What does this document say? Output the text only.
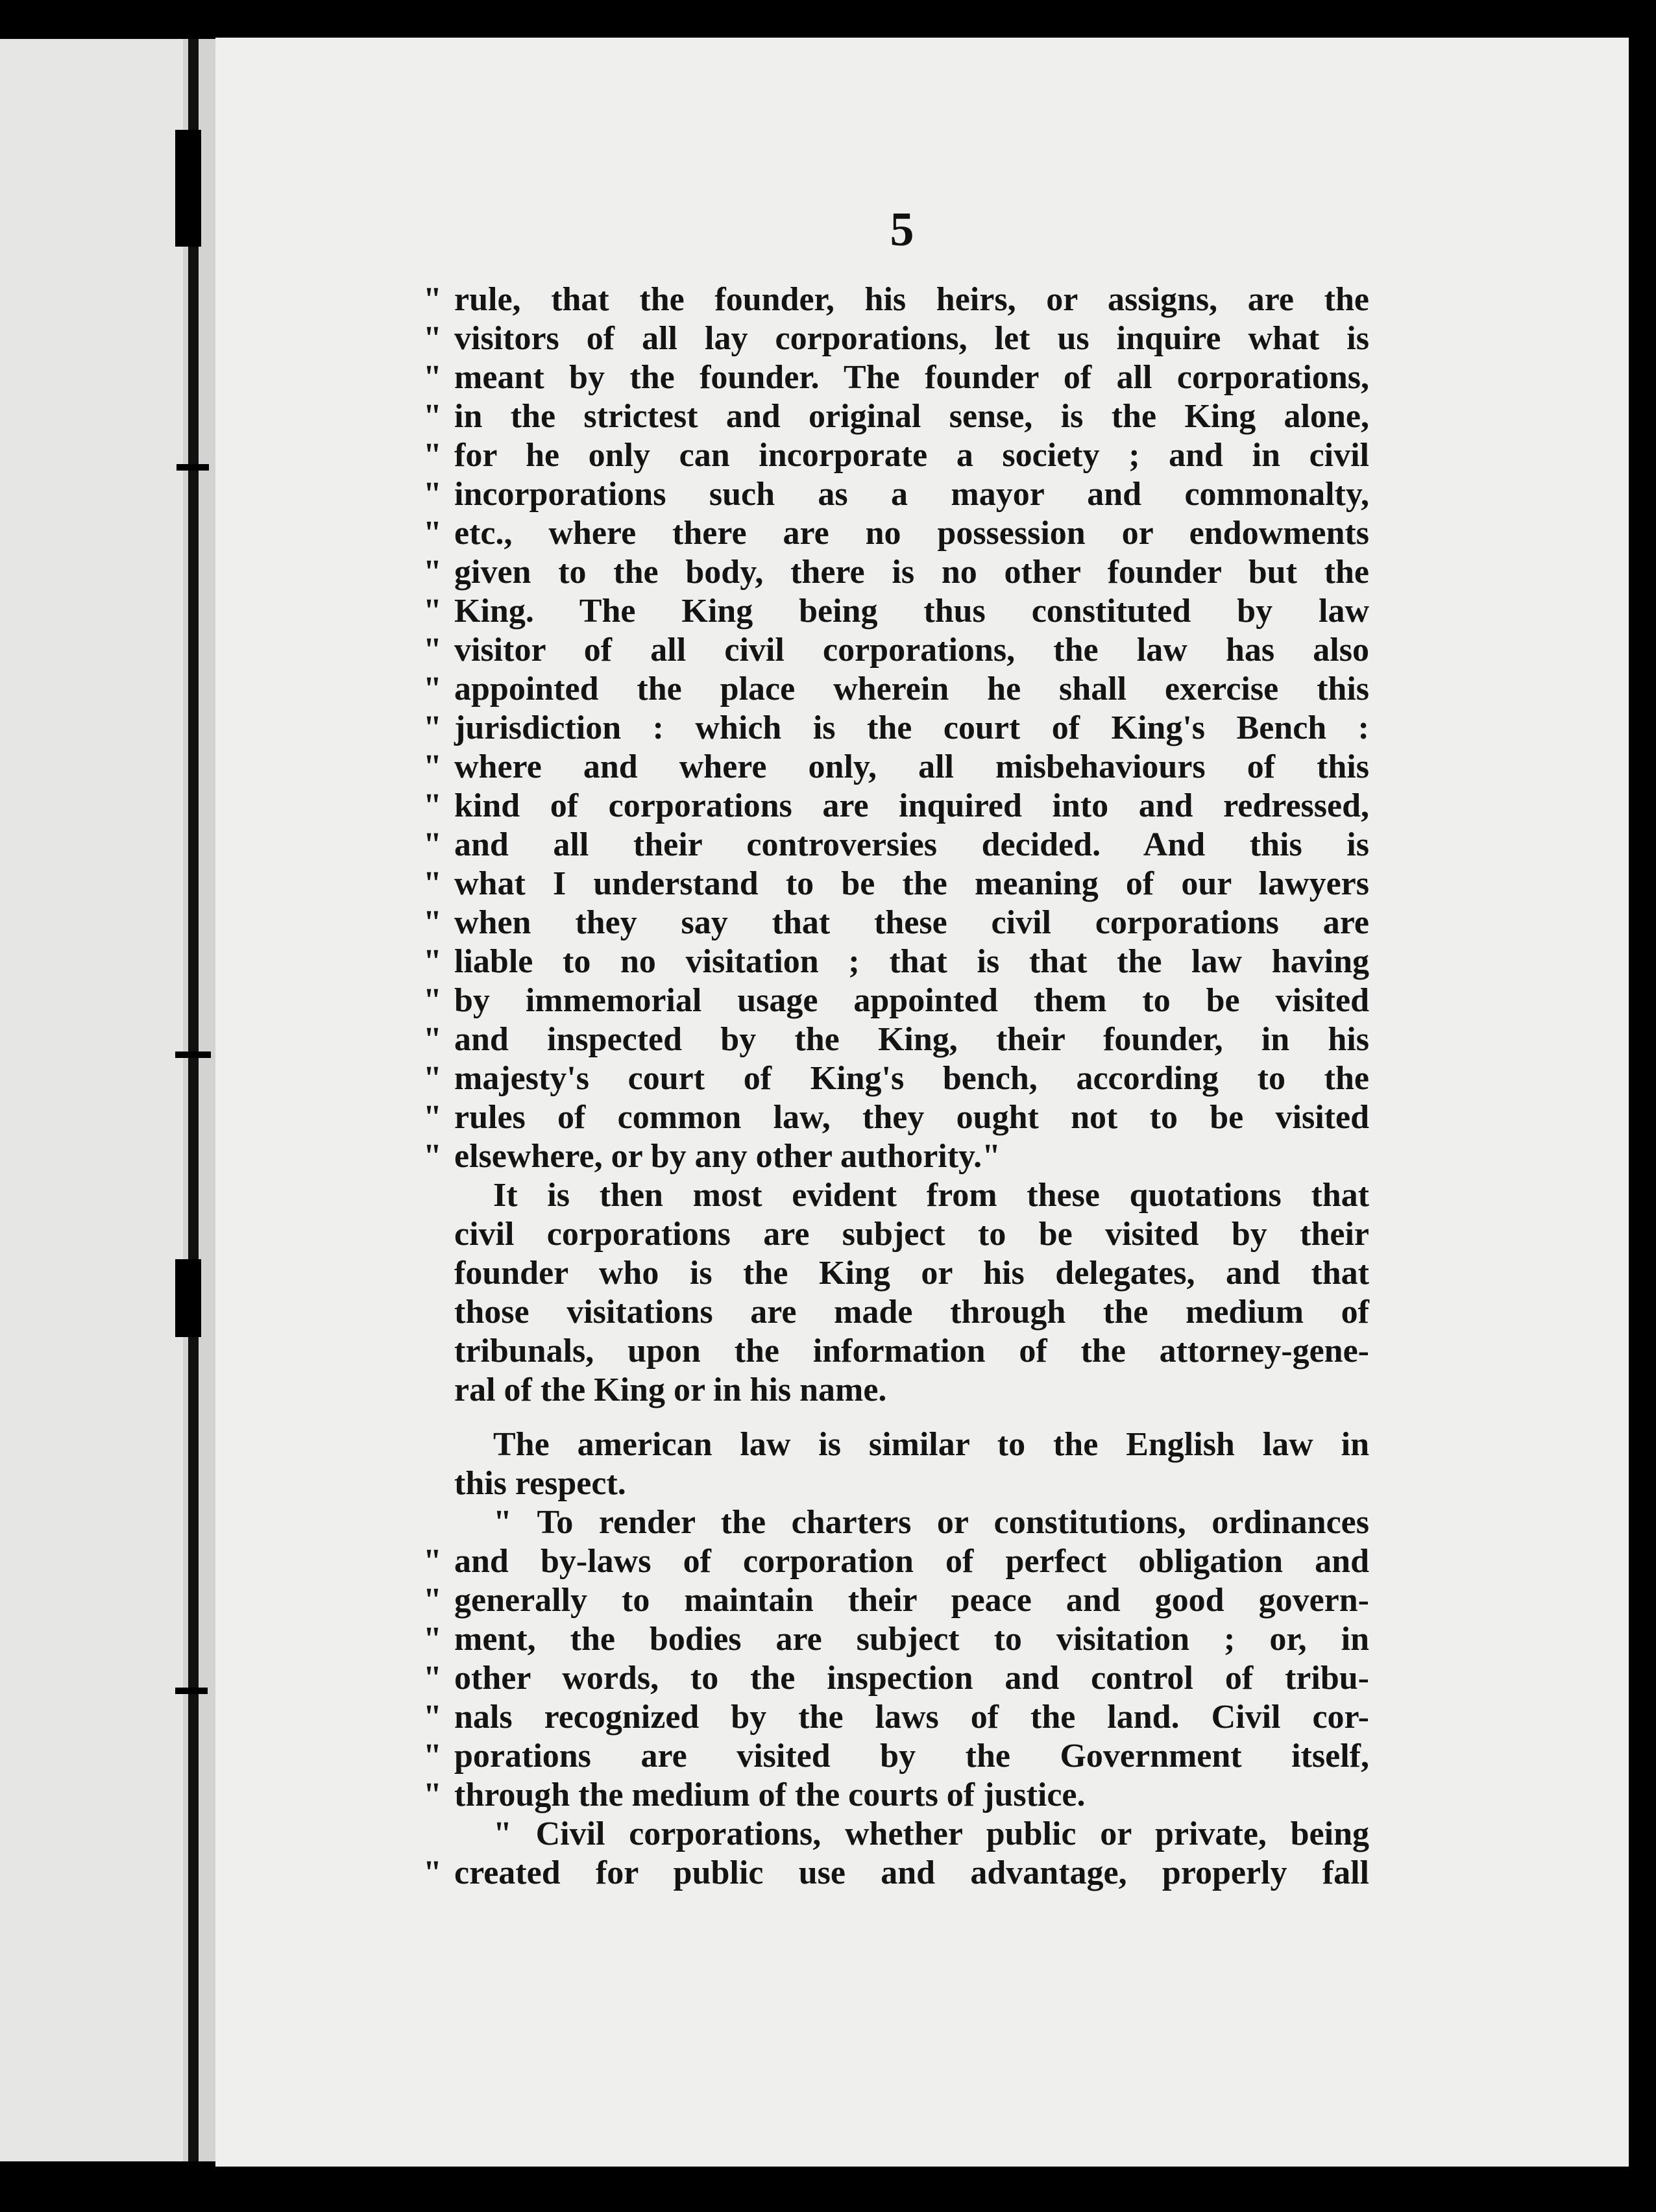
5
" rule, that the founder, his heirs, or assigns, are the
" visitors of all lay corporations, let us inquire what is
" meant by the founder. The founder of all corporations,
" in the strictest and original sense, is the King alone,
" for he only can incorporate a society ; and in civil
" incorporations such as a mayor and commonalty,
" etc., where there are no possession or endowments
" given to the body, there is no other founder but the
" King. The King being thus constituted by law
" visitor of all civil corporations, the law has also
" appointed the place wherein he shall exercise this
" jurisdiction : which is the court of King's Bench :
" where and where only, all misbehaviours of this
" kind of corporations are inquired into and redressed,
" and all their controversies decided. And this is
" what I understand to be the meaning of our lawyers
" when they say that these civil corporations are
" liable to no visitation ; that is that the law having
" by immemorial usage appointed them to be visited
" and inspected by the King, their founder, in his
" majesty's court of King's bench, according to the
" rules of common law, they ought not to be visited
" elsewhere, or by any other authority."
It is then most evident from these quotations that
civil corporations are subject to be visited by their
founder who is the King or his delegates, and that
those visitations are made through the medium of
tribunals, upon the information of the attorney-gene-
ral of the King or in his name.
The american law is similar to the English law in
this respect.
" To render the charters or constitutions, ordinances
" and by-laws of corporation of perfect obligation and
" generally to maintain their peace and good govern-
" ment, the bodies are subject to visitation ; or, in
" other words, to the inspection and control of tribu-
" nals recognized by the laws of the land. Civil cor-
" porations are visited by the Government itself,
" through the medium of the courts of justice.
" Civil corporations, whether public or private, being
" created for public use and advantage, properly fall
